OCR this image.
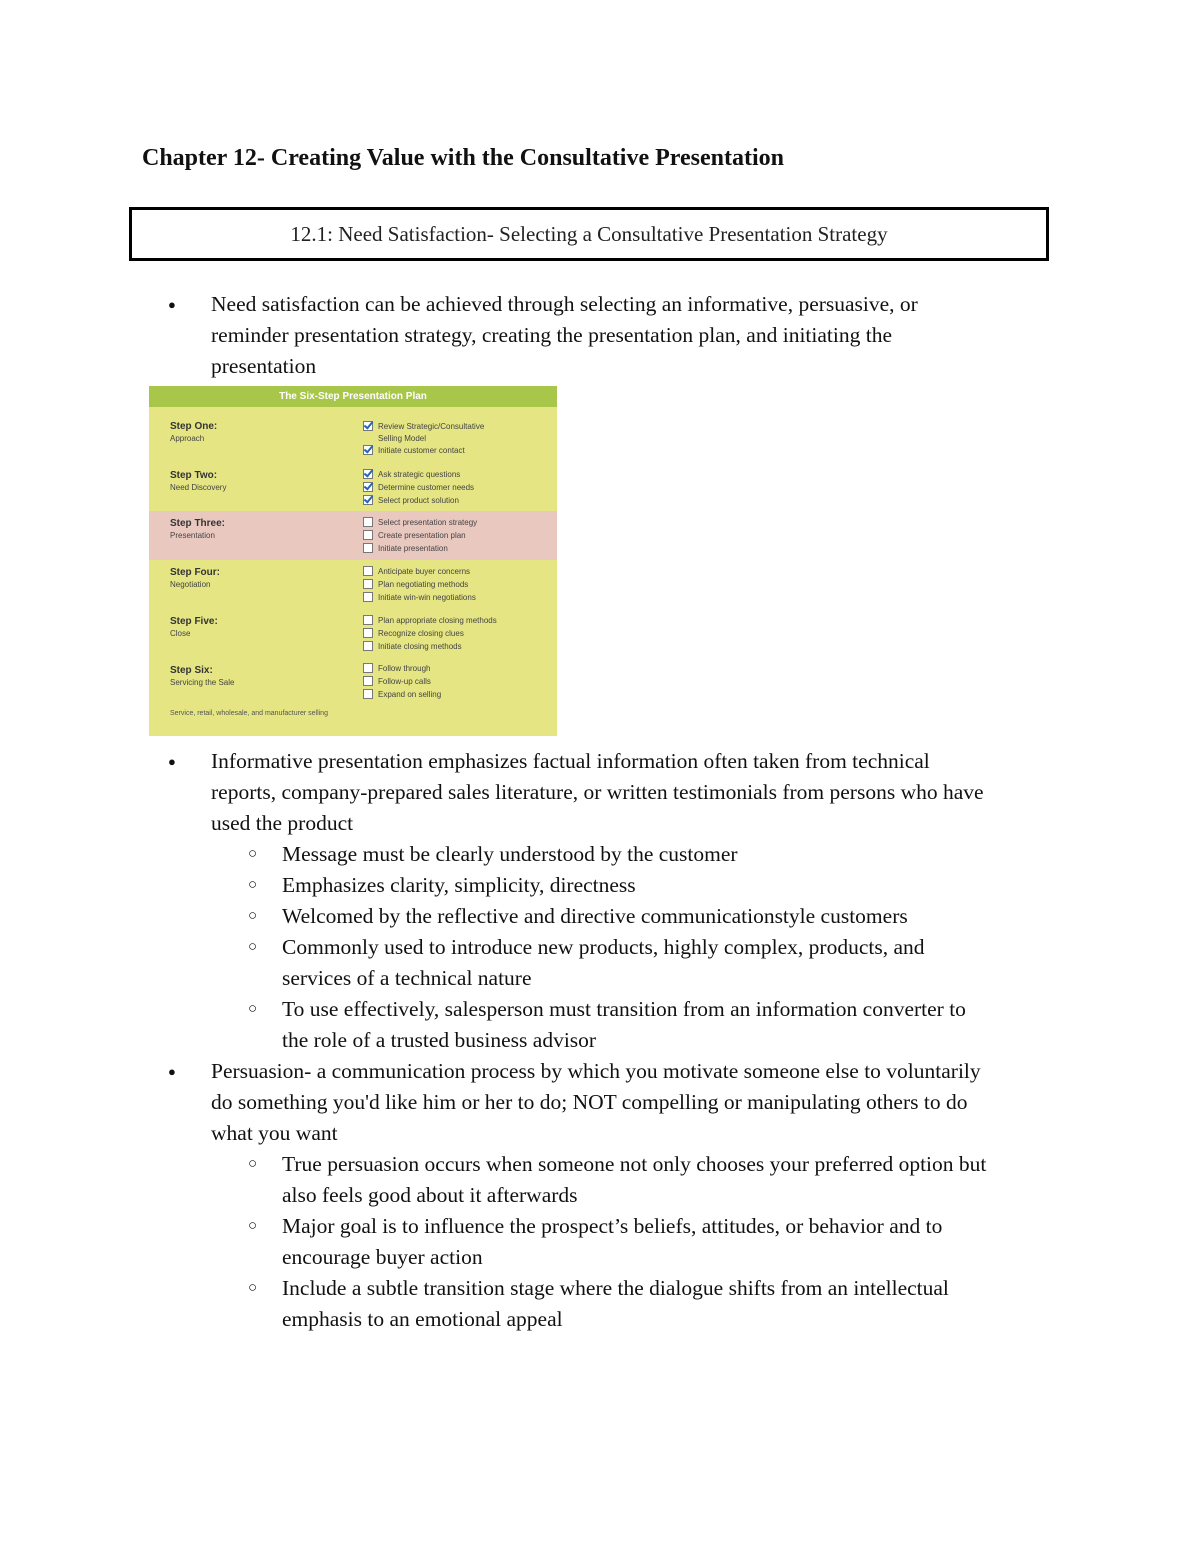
Chapter 12- Creating Value with the Consultative Presentation
12.1: Need Satisfaction- Selecting a Consultative Presentation Strategy
● Need satisfaction can be achieved through selecting an informative, persuasive, or
reminder presentation strategy, creating the presentation plan, and initiating the
presentation

The Six-Step Presentation Plan
Step One:
Approach
Review Strategic/Consultative
Selling Model
Initiate customer contact
Step Two:
Need Discovery
Ask strategic questions
Determine customer needs
Select product solution
Step Three:
Presentation
Select presentation strategy
Create presentation plan
Initiate presentation
Step Four:
Negotiation
Anticipate buyer concerns
Plan negotiating methods
Initiate win-win negotiations
Step Five:
Close
Plan appropriate closing methods
Recognize closing clues
Initiate closing methods
Step Six:
Servicing the Sale
Follow through
Follow-up calls
Expand on selling
Service, retail, wholesale, and manufacturer selling
● Informative presentation emphasizes factual information often taken from technical
reports, company-prepared sales literature, or written testimonials from persons who have
used the product

○ Message must be clearly understood by the customer

○ Emphasizes clarity, simplicity, directness

○ Welcomed by the reflective and directive communicationstyle customers

○ Commonly used to introduce new products, highly complex, products, and
services of a technical nature

○ To use effectively, salesperson must transition from an information converter to
the role of a trusted business advisor

● Persuasion- a communication process by which you motivate someone else to voluntarily
do something you'd like him or her to do; NOT compelling or manipulating others to do
what you want

○ True persuasion occurs when someone not only chooses your preferred option but
also feels good about it afterwards

○ Major goal is to influence the prospect’s beliefs, attitudes, or behavior and to
encourage buyer action

○ Include a subtle transition stage where the dialogue shifts from an intellectual
emphasis to an emotional appeal
